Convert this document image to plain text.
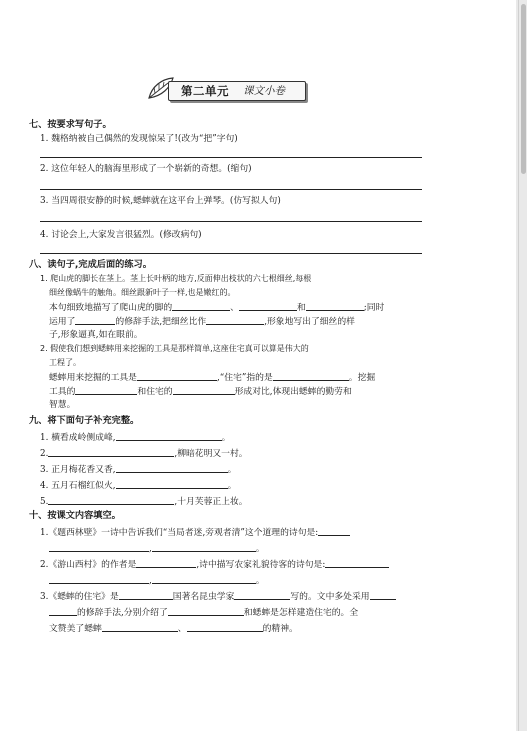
第二单元 课文小卷
七、按要求写句子。
1. 魏格纳被自己偶然的发现惊呆了!(改为“把”字句)
2. 这位年轻人的脑海里形成了一个崭新的奇想。(缩句)
3. 当四周很安静的时候,蟋蟀就在这平台上弹琴。(仿写拟人句)
4. 讨论会上,大家发言很猛烈。(修改病句)
八、读句子,完成后面的练习。
1. 爬山虎的脚长在茎上。茎上长叶柄的地方,反面伸出枝状的六七根细丝,每根
细丝像蜗牛的触角。细丝跟新叶子一样,也是嫩红的。
本句细致地描写了爬山虎的脚的	、	和	;同时
运用了	的修辞手法,把细丝比作	,形象地写出了细丝的样
子,形象逼真,如在眼前。
2. 假使我们想到蟋蟀用来挖掘的工具是那样简单,这座住宅真可以算是伟大的
工程了。
蟋蟀用来挖掘的工具是	,“住宅”指的是	。挖掘
工具的	和住宅的	形成对比,体现出蟋蟀的勤劳和
智慧。
九、将下面句子补充完整。
1. 横看成岭侧成峰,	。
2.	,柳暗花明又一村。
3. 正月梅花香又香,	。
4. 五月石榴红似火,	。
5.	,十月芙蓉正上妆。
十、按课文内容填空。
1.《题西林壁》一诗中告诉我们“当局者迷,旁观者清”这个道理的诗句是:
,	。
2.《游山西村》的作者是	,诗中描写农家礼貌待客的诗句是:
,	。
3.《蟋蟀的住宅》是	国著名昆虫学家	写的。文中多处采用
的修辞手法,分别介绍了	和蟋蟀是怎样建造住宅的。全
文赞美了蟋蟀	、	的精神。
